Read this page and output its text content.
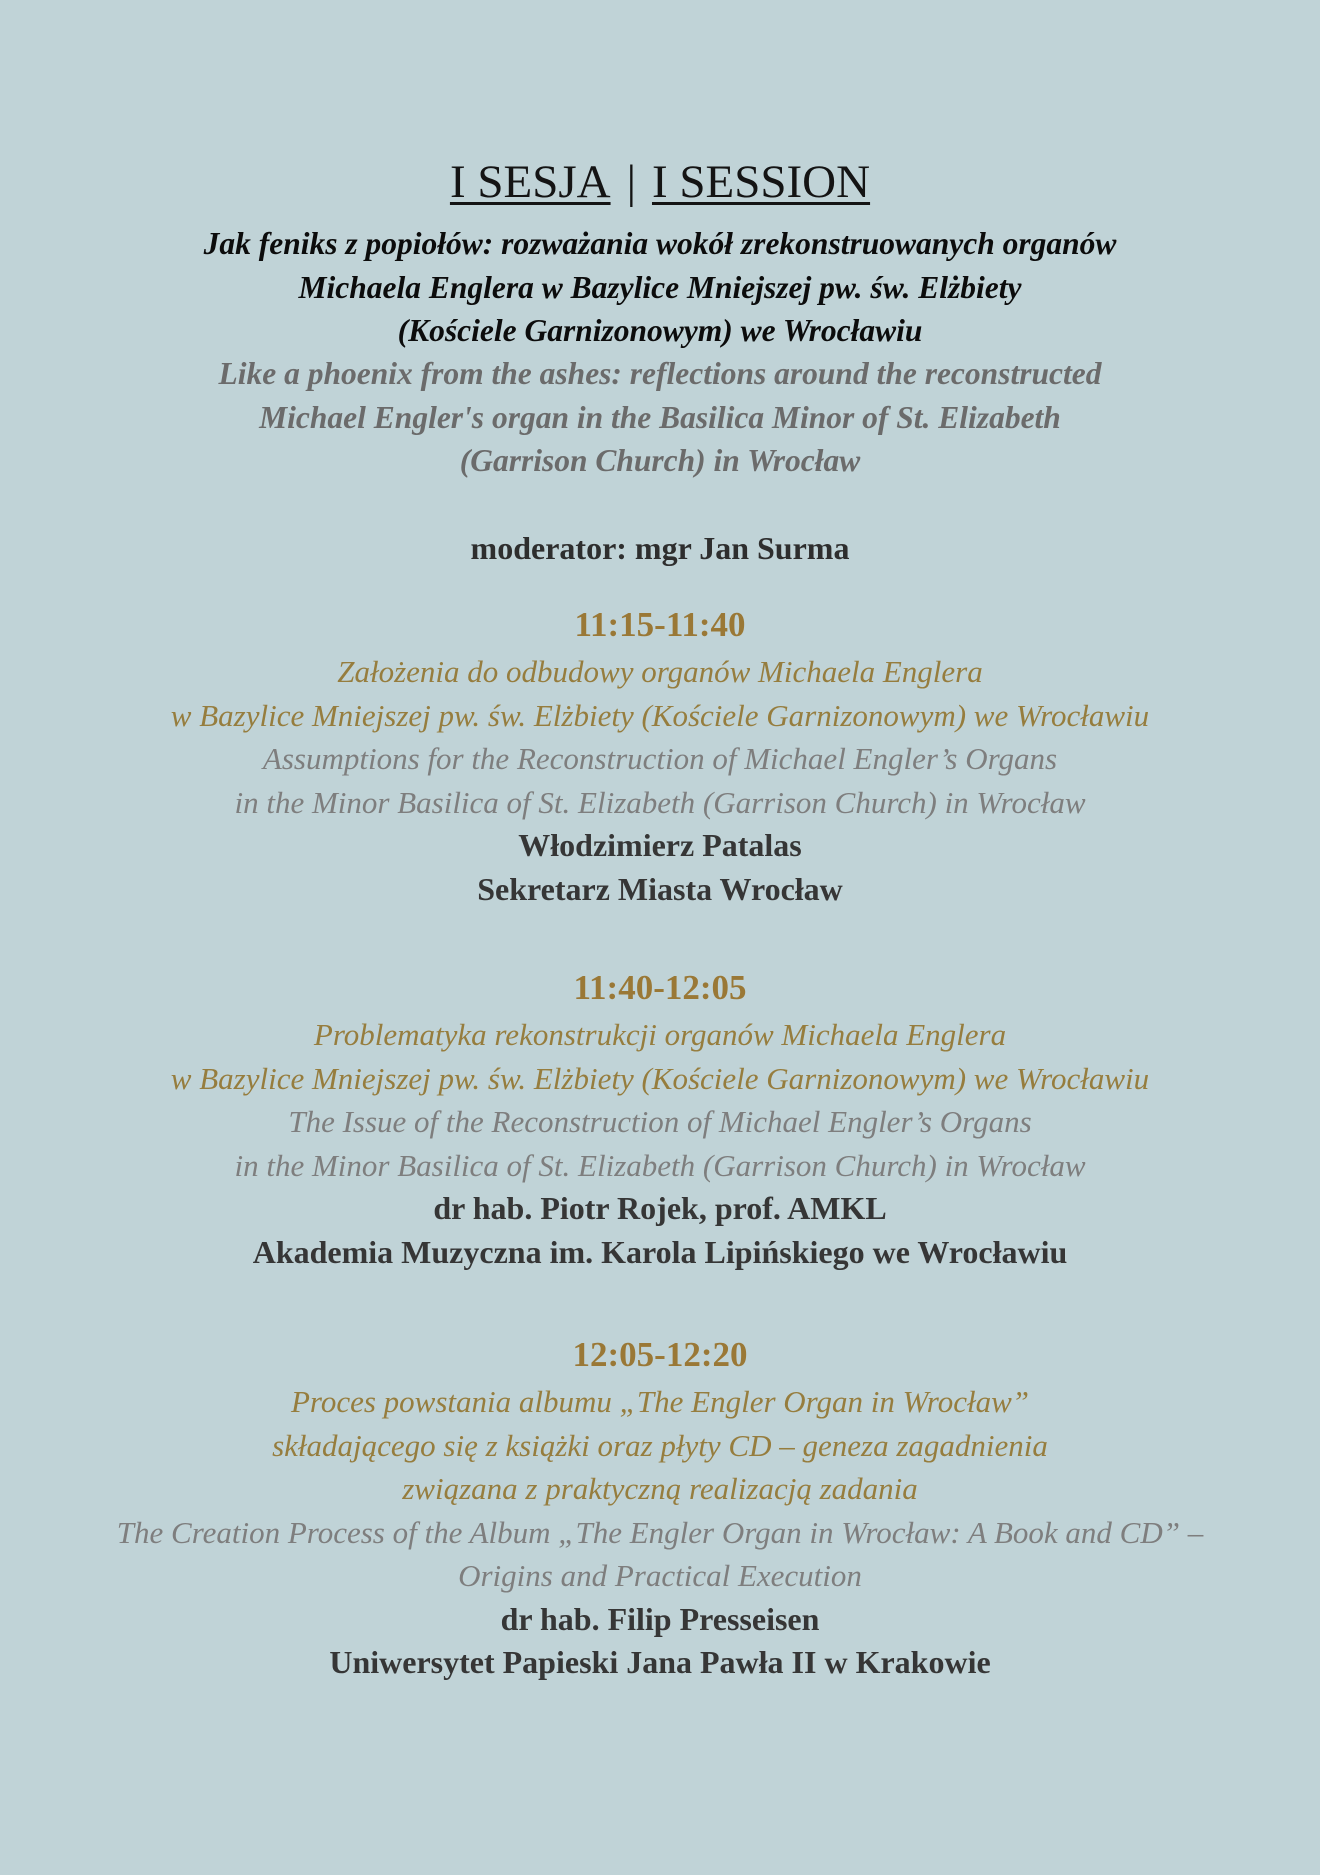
I SESJA | I SESSION
Jak feniks z popiołów: rozważania wokół zrekonstruowanych organów
Michaela Englera w Bazylice Mniejszej pw. św. Elżbiety
(Kościele Garnizonowym) we Wrocławiu
Like a phoenix from the ashes: reflections around the reconstructed
Michael Engler's organ in the Basilica Minor of St. Elizabeth
(Garrison Church) in Wrocław
moderator: mgr Jan Surma
11:15-11:40
Założenia do odbudowy organów Michaela Englera
w Bazylice Mniejszej pw. św. Elżbiety (Kościele Garnizonowym) we Wrocławiu
Assumptions for the Reconstruction of Michael Engler’s Organs
in the Minor Basilica of St. Elizabeth (Garrison Church) in Wrocław
Włodzimierz Patalas
Sekretarz Miasta Wrocław
11:40-12:05
Problematyka rekonstrukcji organów Michaela Englera
w Bazylice Mniejszej pw. św. Elżbiety (Kościele Garnizonowym) we Wrocławiu
The Issue of the Reconstruction of Michael Engler’s Organs
in the Minor Basilica of St. Elizabeth (Garrison Church) in Wrocław
dr hab. Piotr Rojek, prof. AMKL
Akademia Muzyczna im. Karola Lipińskiego we Wrocławiu
12:05-12:20
Proces powstania albumu „The Engler Organ in Wrocław”
składającego się z książki oraz płyty CD – geneza zagadnienia
związana z praktyczną realizacją zadania
The Creation Process of the Album „The Engler Organ in Wrocław: A Book and CD” –
Origins and Practical Execution
dr hab. Filip Presseisen
Uniwersytet Papieski Jana Pawła II w Krakowie
